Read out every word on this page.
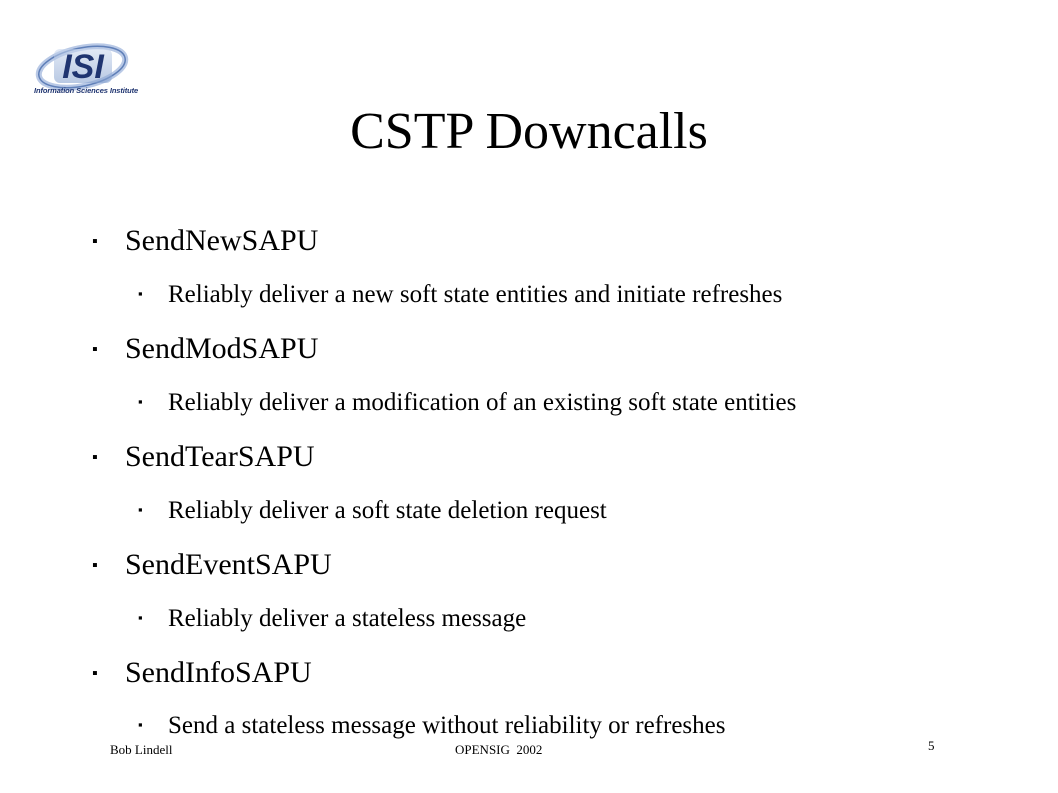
ISI
Information Sciences Institute
CSTP Downcalls
▪ SendNewSAPU
▪	Reliably deliver a new soft state entities and initiate refreshes
▪ SendModSAPU
▪	Reliably deliver a modification of an existing soft state entities
▪ SendTearSAPU
▪	Reliably deliver a soft state deletion request
▪ SendEventSAPU
▪	Reliably deliver a stateless message
▪ SendInfoSAPU
▪	Send a stateless message without reliability or refreshes
Bob Lindell	OPENSIG  2002	5
